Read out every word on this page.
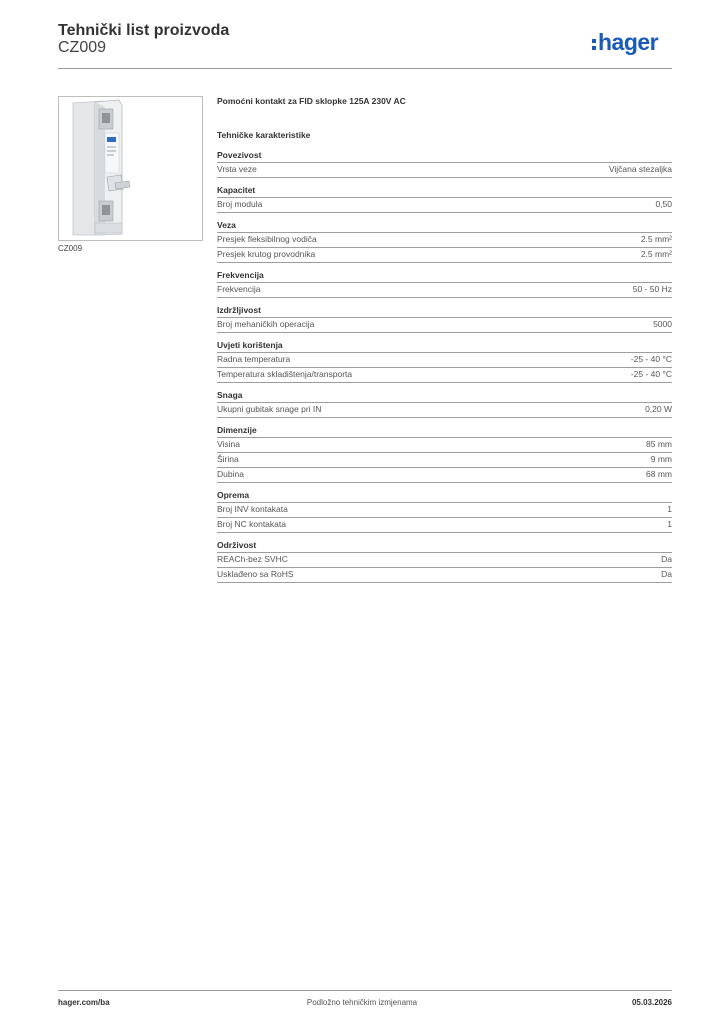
Tehnički list proizvoda
CZ009	hager
CZ009
Pomoćni kontakt za FID sklopke 125A 230V AC
Tehničke karakteristike
Povezivost
Vrsta veze	Vijčana stezaljka
Kapacitet
Broj modula	0,50
Veza
Presjek fleksibilnog vodiča	2.5 mm²
Presjek krutog provodnika	2.5 mm²
Frekvencija
Frekvencija	50 - 50 Hz
Izdržljivost
Broj mehaničkih operacija	5000
Uvjeti korištenja
Radna temperatura	-25 - 40 °C
Temperatura skladištenja/transporta	-25 - 40 °C
Snaga
Ukupni gubitak snage pri IN	0,20 W
Dimenzije
Visina	85 mm
Širina	9 mm
Dubina	68 mm
Oprema
Broj INV kontakata	1
Broj NC kontakata	1
Održivost
REACh-bez SVHC	Da
Usklađeno sa RoHS	Da
hager.com/ba	Podložno tehničkim izmjenama	05.03.2026
